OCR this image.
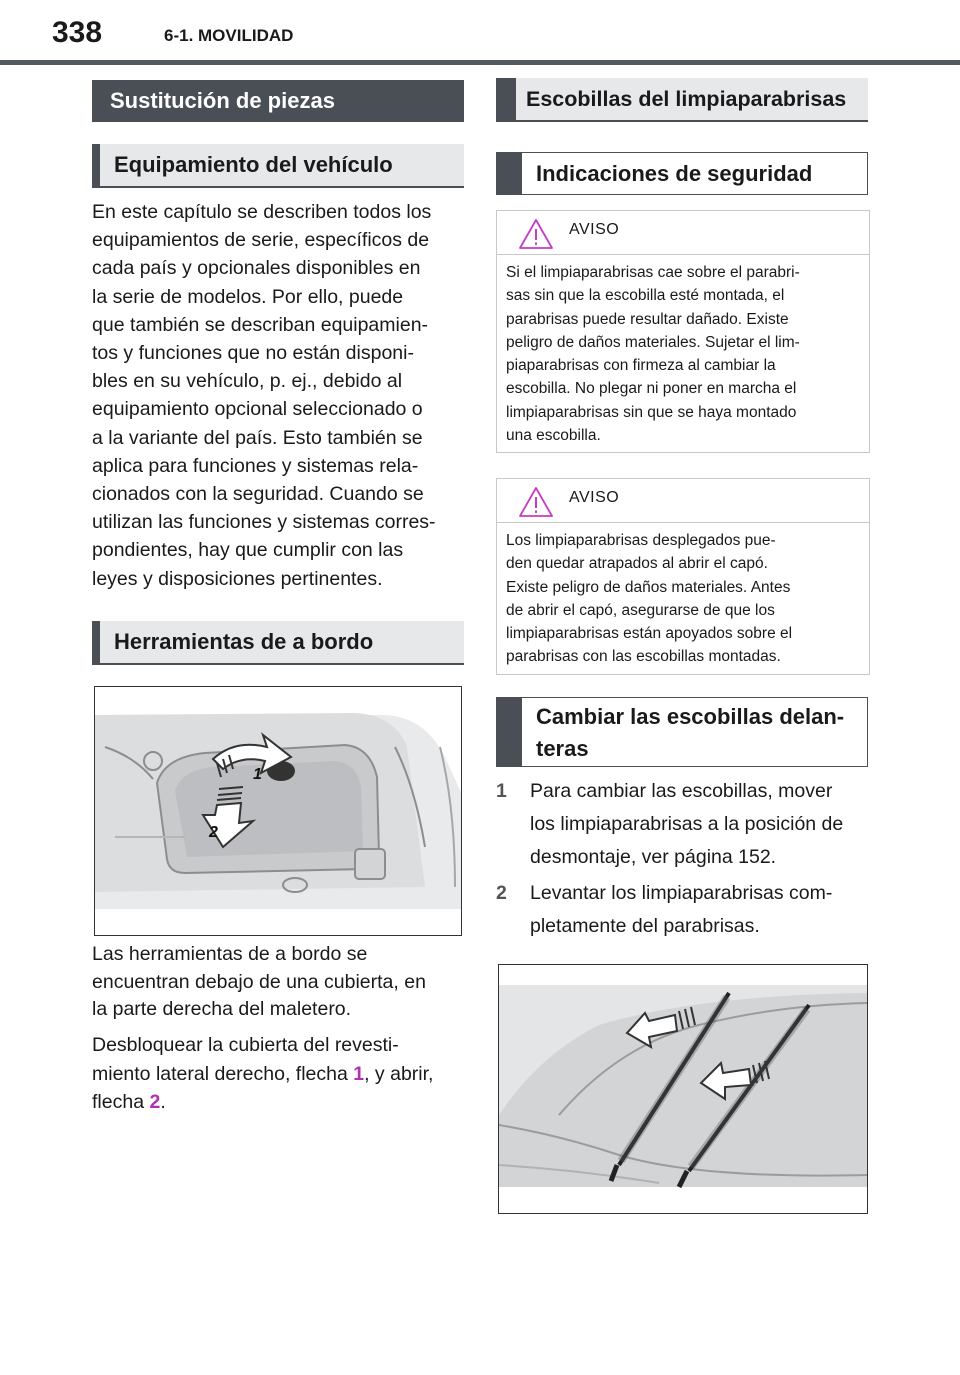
338	6-1. MOVILIDAD
Sustitución de piezas
Equipamiento del vehículo
En este capítulo se describen todos los
equipamientos de serie, específicos de
cada país y opcionales disponibles en
la serie de modelos. Por ello, puede
que también se describan equipamien-
tos y funciones que no están disponi-
bles en su vehículo, p. ej., debido al
equipamiento opcional seleccionado o
a la variante del país. Esto también se
aplica para funciones y sistemas rela-
cionados con la seguridad. Cuando se
utilizan las funciones y sistemas corres-
pondientes, hay que cumplir con las
leyes y disposiciones pertinentes.
Herramientas de a bordo
1
2
Las herramientas de a bordo se
encuentran debajo de una cubierta, en
la parte derecha del maletero.
Desbloquear la cubierta del revesti-
miento lateral derecho, flecha 1, y abrir,
flecha 2.
Escobillas del limpiaparabrisas
Indicaciones de seguridad
AVISO
Si el limpiaparabrisas cae sobre el parabri-
sas sin que la escobilla esté montada, el
parabrisas puede resultar dañado. Existe
peligro de daños materiales. Sujetar el lim-
piaparabrisas con firmeza al cambiar la
escobilla. No plegar ni poner en marcha el
limpiaparabrisas sin que se haya montado
una escobilla.
AVISO
Los limpiaparabrisas desplegados pue-
den quedar atrapados al abrir el capó.
Existe peligro de daños materiales. Antes
de abrir el capó, asegurarse de que los
limpiaparabrisas están apoyados sobre el
parabrisas con las escobillas montadas.
Cambiar las escobillas delan-
teras
1 Para cambiar las escobillas, mover
los limpiaparabrisas a la posición de
desmontaje, ver página 152.
2 Levantar los limpiaparabrisas com-
pletamente del parabrisas.
